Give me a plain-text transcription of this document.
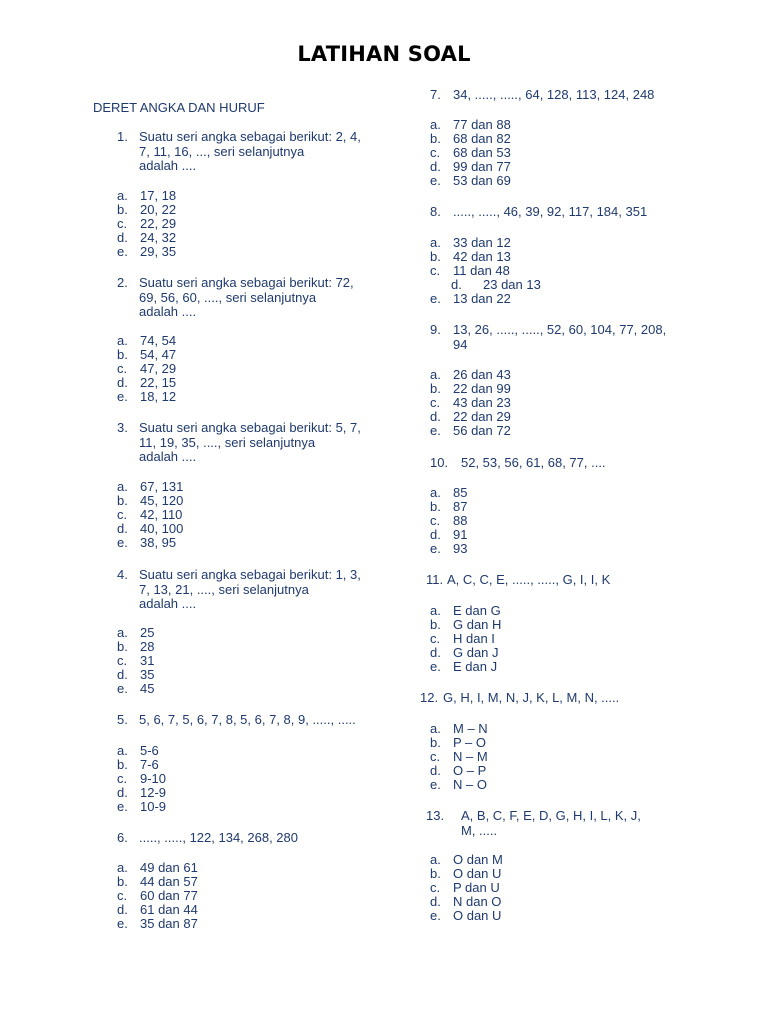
LATIHAN SOAL
DERET ANGKA DAN HURUF
1. Suatu seri angka sebagai berikut: 2, 4,
7, 11, 16, ..., seri selanjutnya
adalah ....
a. 17, 18
b. 20, 22
c. 22, 29
d. 24, 32
e. 29, 35
2. Suatu seri angka sebagai berikut: 72,
69, 56, 60, ...., seri selanjutnya
adalah ....
a. 74, 54
b. 54, 47
c. 47, 29
d. 22, 15
e. 18, 12
3. Suatu seri angka sebagai berikut: 5, 7,
11, 19, 35, ...., seri selanjutnya
adalah ....
a. 67, 131
b. 45, 120
c. 42, 110
d. 40, 100
e. 38, 95
4. Suatu seri angka sebagai berikut: 1, 3,
7, 13, 21, ...., seri selanjutnya
adalah ....
a. 25
b. 28
c. 31
d. 35
e. 45
5. 5, 6, 7, 5, 6, 7, 8, 5, 6, 7, 8, 9, ....., .....
a. 5-6
b. 7-6
c. 9-10
d. 12-9
e. 10-9
6. ....., ....., 122, 134, 268, 280
a. 49 dan 61
b. 44 dan 57
c. 60 dan 77
d. 61 dan 44
e. 35 dan 87
7. 34, ....., ....., 64, 128, 113, 124, 248
a. 77 dan 88
b. 68 dan 82
c. 68 dan 53
d. 99 dan 77
e. 53 dan 69
8. ....., ....., 46, 39, 92, 117, 184, 351
a. 33 dan 12
b. 42 dan 13
c. 11 dan 48
d. 23 dan 13
e. 13 dan 22
9. 13, 26, ....., ....., 52, 60, 104, 77, 208,
94
a. 26 dan 43
b. 22 dan 99
c. 43 dan 23
d. 22 dan 29
e. 56 dan 72
10. 52, 53, 56, 61, 68, 77, ....
a. 85
b. 87
c. 88
d. 91
e. 93
11. A, C, C, E, ....., ....., G, I, I, K
a. E dan G
b. G dan H
c. H dan I
d. G dan J
e. E dan J
12. G, H, I, M, N, J, K, L, M, N, .....
a. M – N
b. P – O
c. N – M
d. O – P
e. N – O
13. A, B, C, F, E, D, G, H, I, L, K, J,
M, .....
a. O dan M
b. O dan U
c. P dan U
d. N dan O
e. O dan U
